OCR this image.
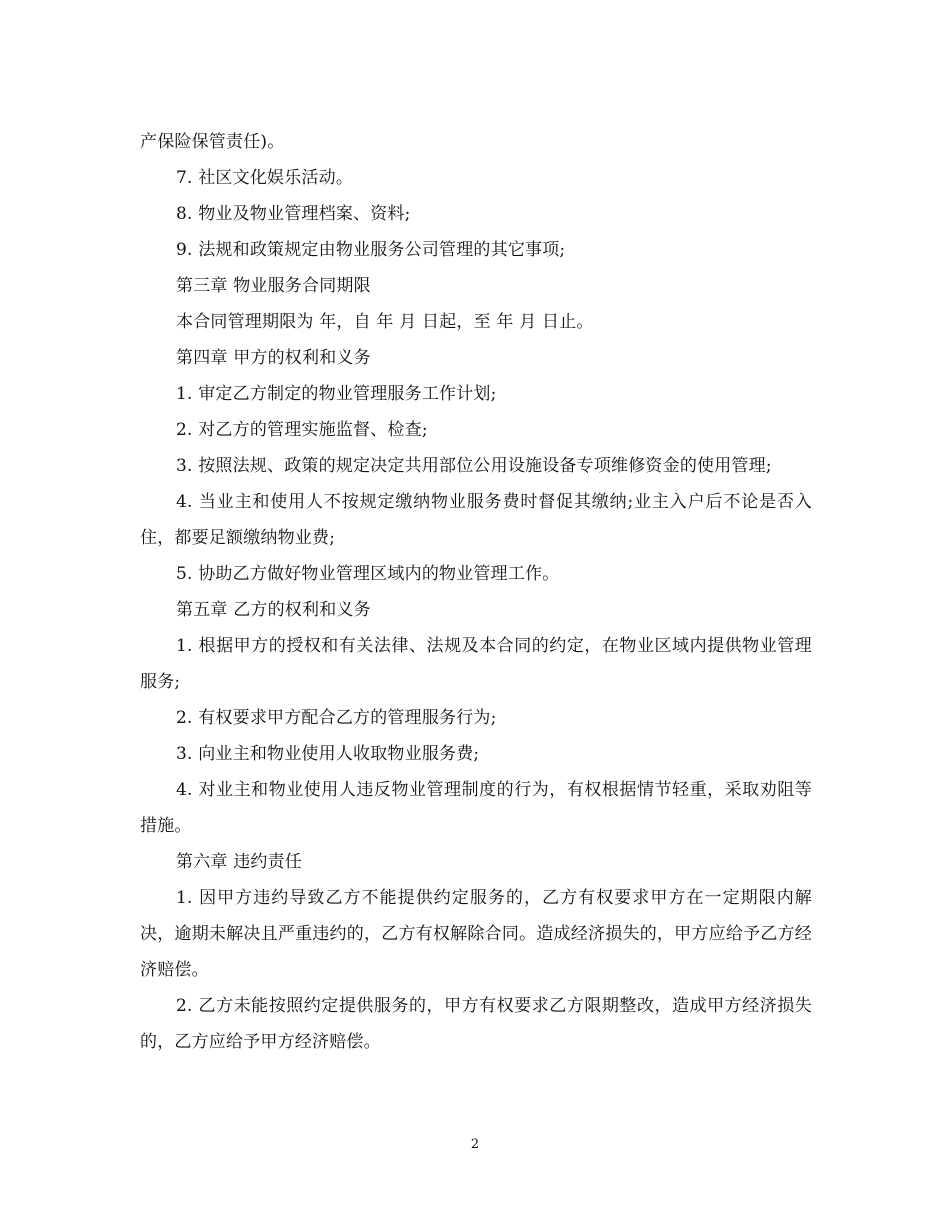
产保险保管责任)。

7. 社区文化娱乐活动。

8. 物业及物业管理档案、资料;

9. 法规和政策规定由物业服务公司管理的其它事项;

第三章 物业服务合同期限

本合同管理期限为 年，自 年 月 日起，至 年 月 日止。

第四章 甲方的权利和义务

1. 审定乙方制定的物业管理服务工作计划;

2. 对乙方的管理实施监督、检查;

3. 按照法规、政策的规定决定共用部位公用设施设备专项维修资金的使用管理;

4. 当业主和使用人不按规定缴纳物业服务费时督促其缴纳;业主入户后不论是否入住，都要足额缴纳物业费;

5. 协助乙方做好物业管理区域内的物业管理工作。

第五章 乙方的权利和义务

1. 根据甲方的授权和有关法律、法规及本合同的约定，在物业区域内提供物业管理服务;

2. 有权要求甲方配合乙方的管理服务行为;

3. 向业主和物业使用人收取物业服务费;

4. 对业主和物业使用人违反物业管理制度的行为，有权根据情节轻重，采取劝阻等措施。

第六章 违约责任

1. 因甲方违约导致乙方不能提供约定服务的，乙方有权要求甲方在一定期限内解决，逾期未解决且严重违约的，乙方有权解除合同。造成经济损失的，甲方应给予乙方经济赔偿。

2. 乙方未能按照约定提供服务的，甲方有权要求乙方限期整改，造成甲方经济损失的，乙方应给予甲方经济赔偿。

2
